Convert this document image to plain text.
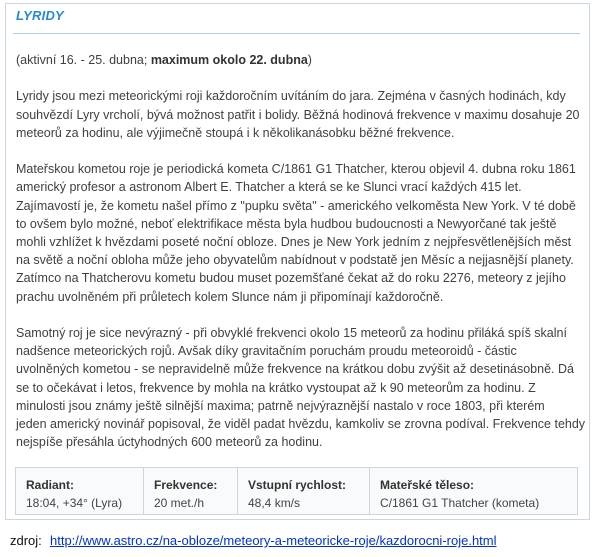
LYRIDY

(aktivní 16. - 25. dubna; maximum okolo 22. dubna)

Lyridy jsou mezi meteorickými roji každoročním uvítáním do jara. Zejména v časných hodinách, kdy
souhvězdí Lyry vrcholí, bývá možnost patřit i bolidy. Běžná hodinová frekvence v maximu dosahuje 20
meteorů za hodinu, ale výjimečně stoupá i k několikanásobku běžné frekvence.

Mateřskou kometou roje je periodická kometa C/1861 G1 Thatcher, kterou objevil 4. dubna roku 1861
americký profesor a astronom Albert E. Thatcher a která se ke Slunci vrací každých 415 let.
Zajímavostí je, že kometu našel přímo z "pupku světa" - amerického velkoměsta New York. V té době
to ovšem bylo možné, neboť elektrifikace města byla hudbou budoucnosti a Newyorčané tak ještě
mohli vzhlížet k hvězdami poseté noční obloze. Dnes je New York jedním z nejpřesvětlenějších měst
na světě a noční obloha může jeho obyvatelům nabídnout v podstatě jen Měsíc a nejjasnější planety.
Zatímco na Thatcherovu kometu budou muset pozemšťané čekat až do roku 2276, meteory z jejího
prachu uvolněném při průletech kolem Slunce nám ji připomínají každoročně.

Samotný roj je sice nevýrazný - při obvyklé frekvenci okolo 15 meteorů za hodinu přiláká spíš skalní
nadšence meteorických rojů. Avšak díky gravitačním poruchám proudu meteoroidů - částic
uvolněných kometou - se nepravidelně může frekvence na krátkou dobu zvýšit až desetinásobně. Dá
se to očekávat i letos, frekvence by mohla na krátko vystoupat až k 90 meteorům za hodinu. Z
minulosti jsou známy ještě silnější maxima; patrně nejvýraznější nastalo v roce 1803, při kterém
jeden americký novinář popisoval, že viděl padat hvězdu, kamkoliv se zrovna podíval. Frekvence tehdy
nejspíše přesáhla úctyhodných 600 meteorů za hodinu.

Radiant:
18:04, +34° (Lyra)
Frekvence:
20 met./h
Vstupní rychlost:
48,4 km/s
Mateřské těleso:
C/1861 G1 Thatcher (kometa)
zdroj: http://www.astro.cz/na-obloze/meteory-a-meteoricke-roje/kazdorocni-roje.html
